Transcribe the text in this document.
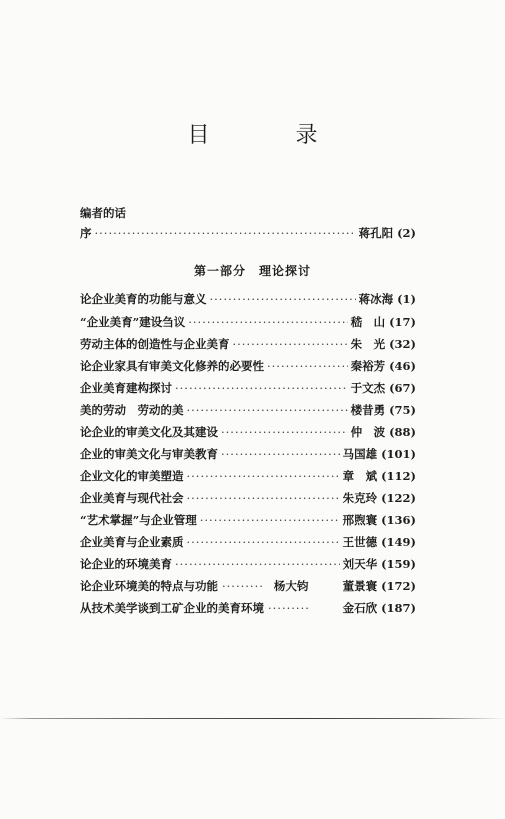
目　录
编者的话
序 ·····	蒋孔阳 (2)
第一部分　理论探讨
论企业美育的功能与意义 ·····	蒋冰海 (1)
“企业美育”建设刍议 ·····	嵇　山 (17)
劳动主体的创造性与企业美育 ·····	朱　光 (32)
论企业家具有审美文化修养的必要性 ·····	秦裕芳 (46)
企业美育建构探讨 ·····	于文杰 (67)
美的劳动　劳动的美 ·····	楼昔勇 (75)
论企业的审美文化及其建设 ·····	仲　波 (88)
企业的审美文化与审美教育 ·····	马国雄 (101)
企业文化的审美塑造 ·····	章　斌 (112)
企业美育与现代社会 ·····	朱克玲 (122)
“艺术掌握”与企业管理 ·····	邢煦寰 (136)
企业美育与企业素质 ·····	王世德 (149)
论企业的环境美育 ·····	刘天华 (159)
论企业环境美的特点与功能 ·····	杨大钧	董景寰 (172)
从技术美学谈到工矿企业的美育环境 ·····	金石欣 (187)
